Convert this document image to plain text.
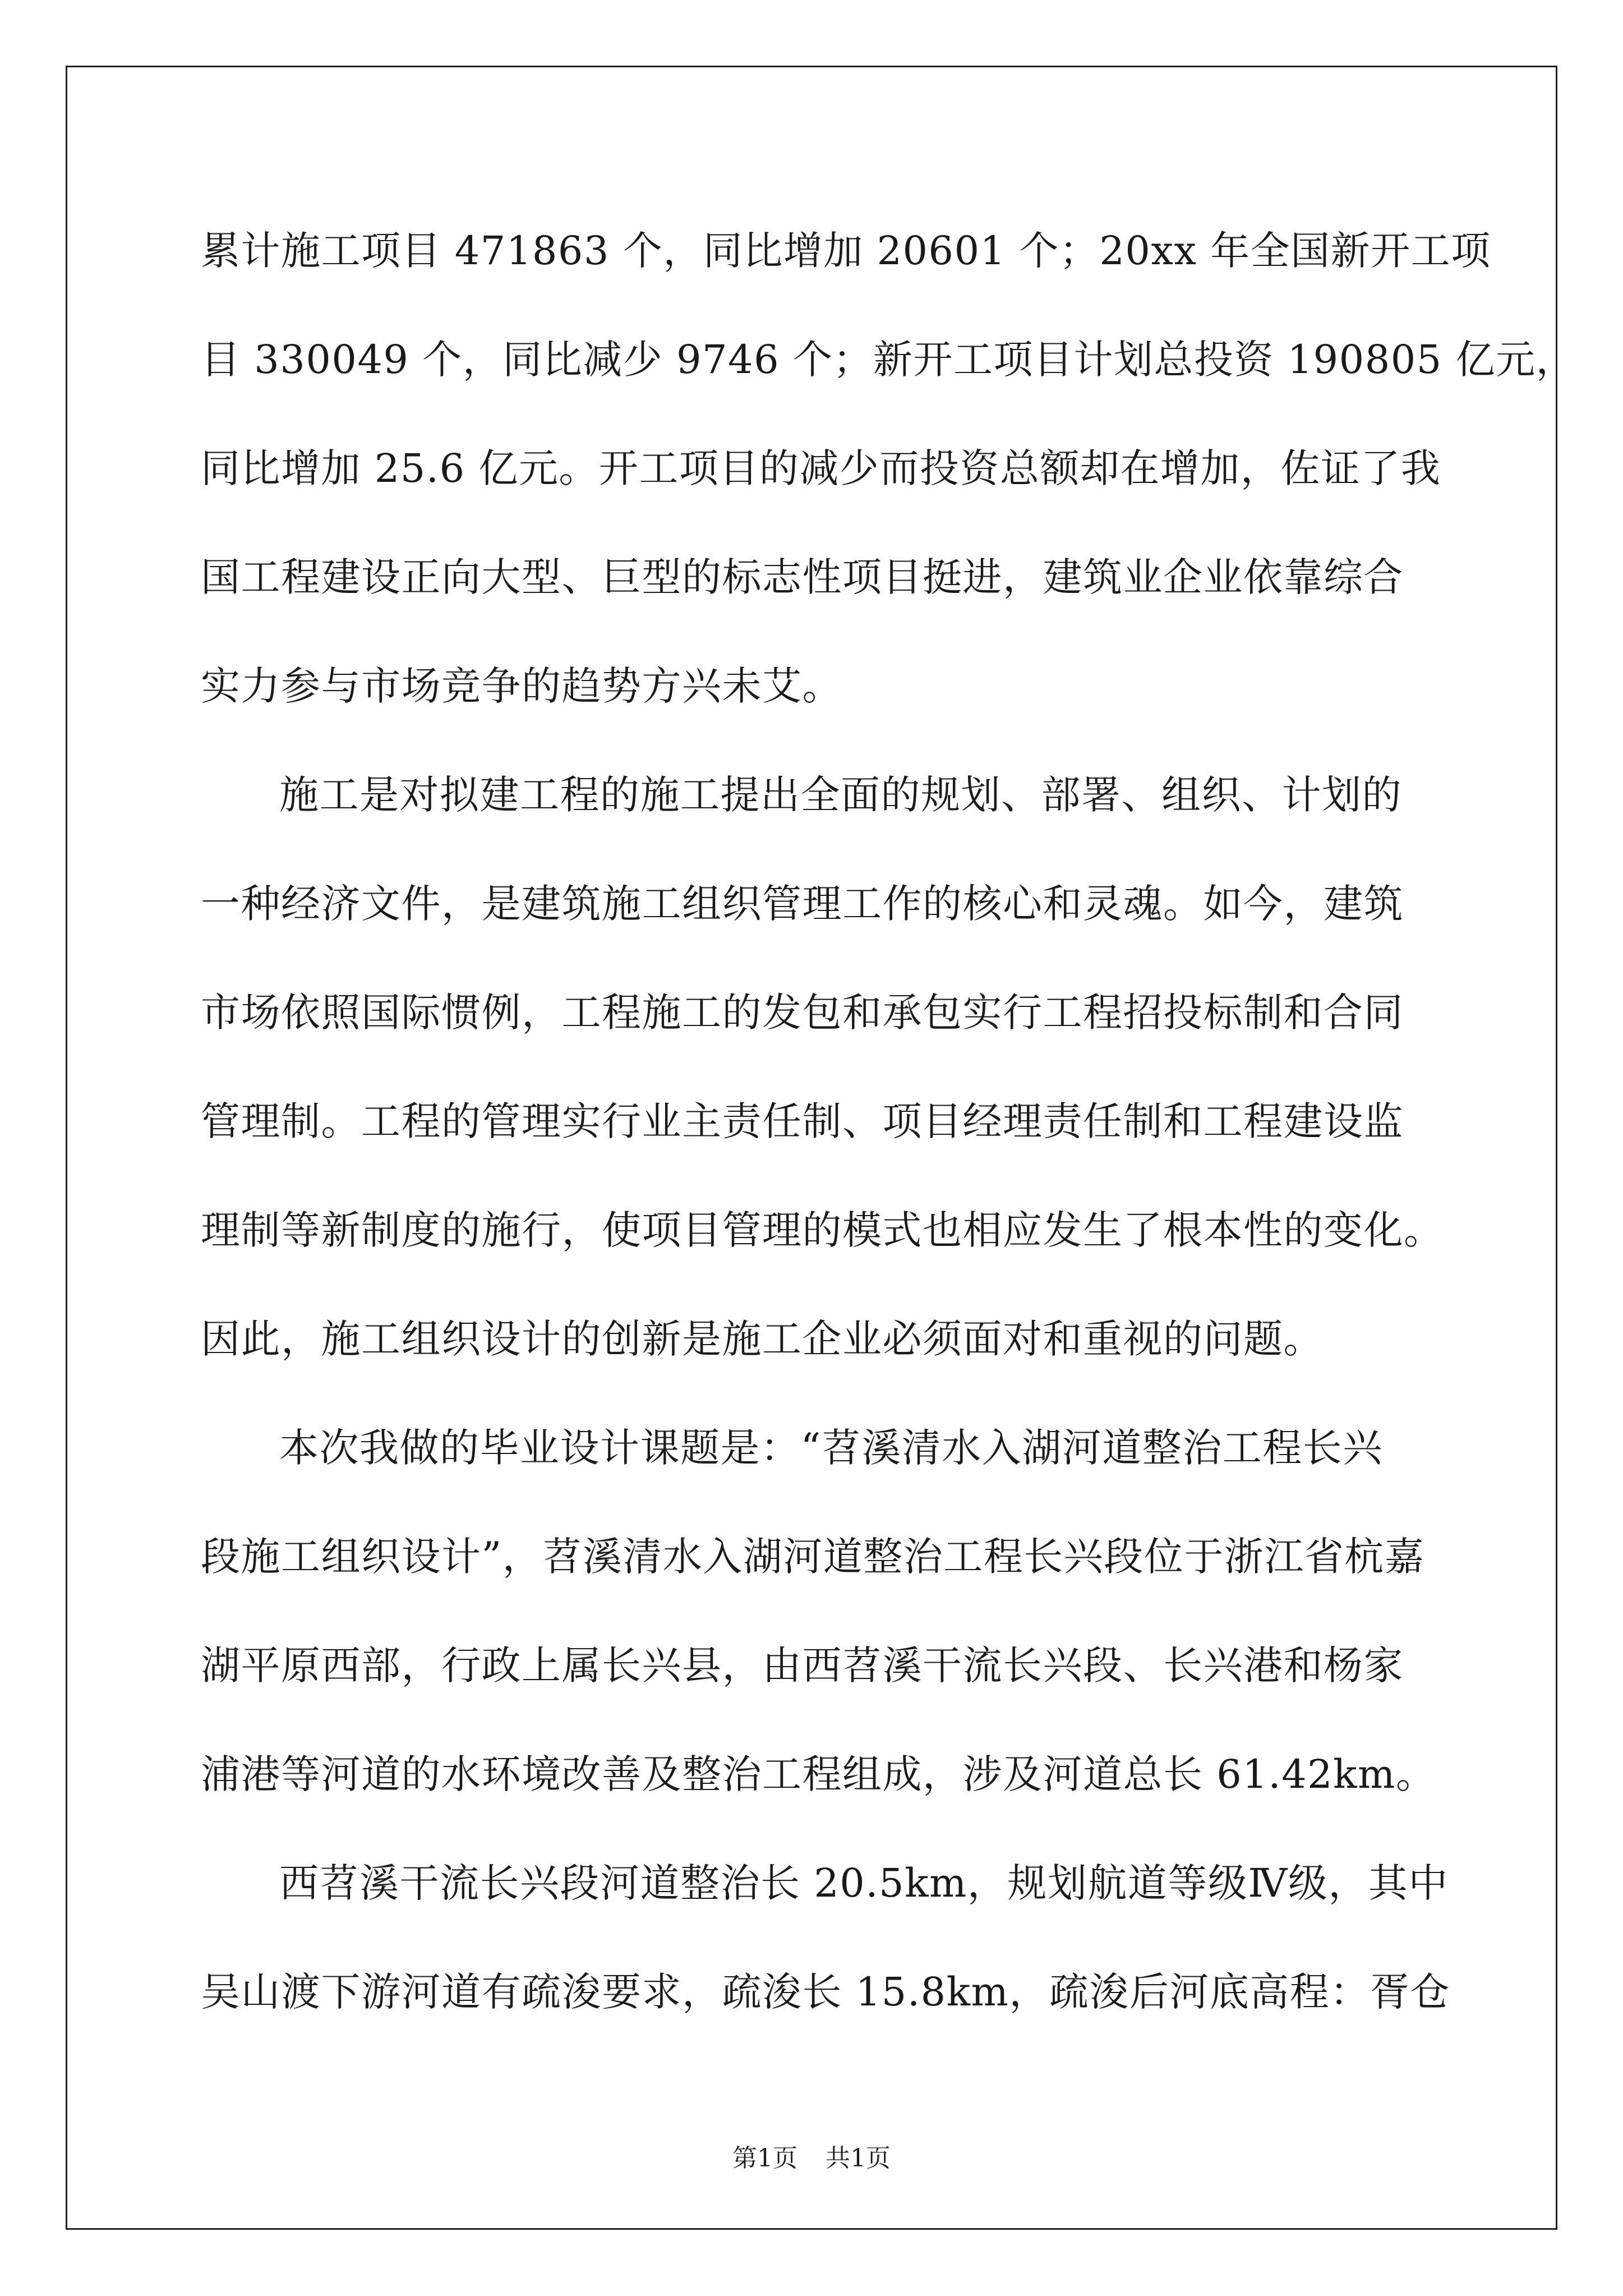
累计施工项目 471863 个，同比增加 20601 个；20xx 年全国新开工项
目 330049 个，同比减少 9746 个；新开工项目计划总投资 190805 亿元，
同比增加 25.6 亿元。开工项目的减少而投资总额却在增加，佐证了我
国工程建设正向大型、巨型的标志性项目挺进，建筑业企业依靠综合
实力参与市场竞争的趋势方兴未艾。
施工是对拟建工程的施工提出全面的规划、部署、组织、计划的
一种经济文件，是建筑施工组织管理工作的核心和灵魂。如今，建筑
市场依照国际惯例，工程施工的发包和承包实行工程招投标制和合同
管理制。工程的管理实行业主责任制、项目经理责任制和工程建设监
理制等新制度的施行，使项目管理的模式也相应发生了根本性的变化。
因此，施工组织设计的创新是施工企业必须面对和重视的问题。
本次我做的毕业设计课题是：“苕溪清水入湖河道整治工程长兴
段施工组织设计”，苕溪清水入湖河道整治工程长兴段位于浙江省杭嘉
湖平原西部，行政上属长兴县，由西苕溪干流长兴段、长兴港和杨家
浦港等河道的水环境改善及整治工程组成，涉及河道总长 61.42km。
西苕溪干流长兴段河道整治长 20.5km，规划航道等级Ⅳ级，其中
吴山渡下游河道有疏浚要求，疏浚长 15.8km，疏浚后河底高程：胥仓
第1页 共1页
